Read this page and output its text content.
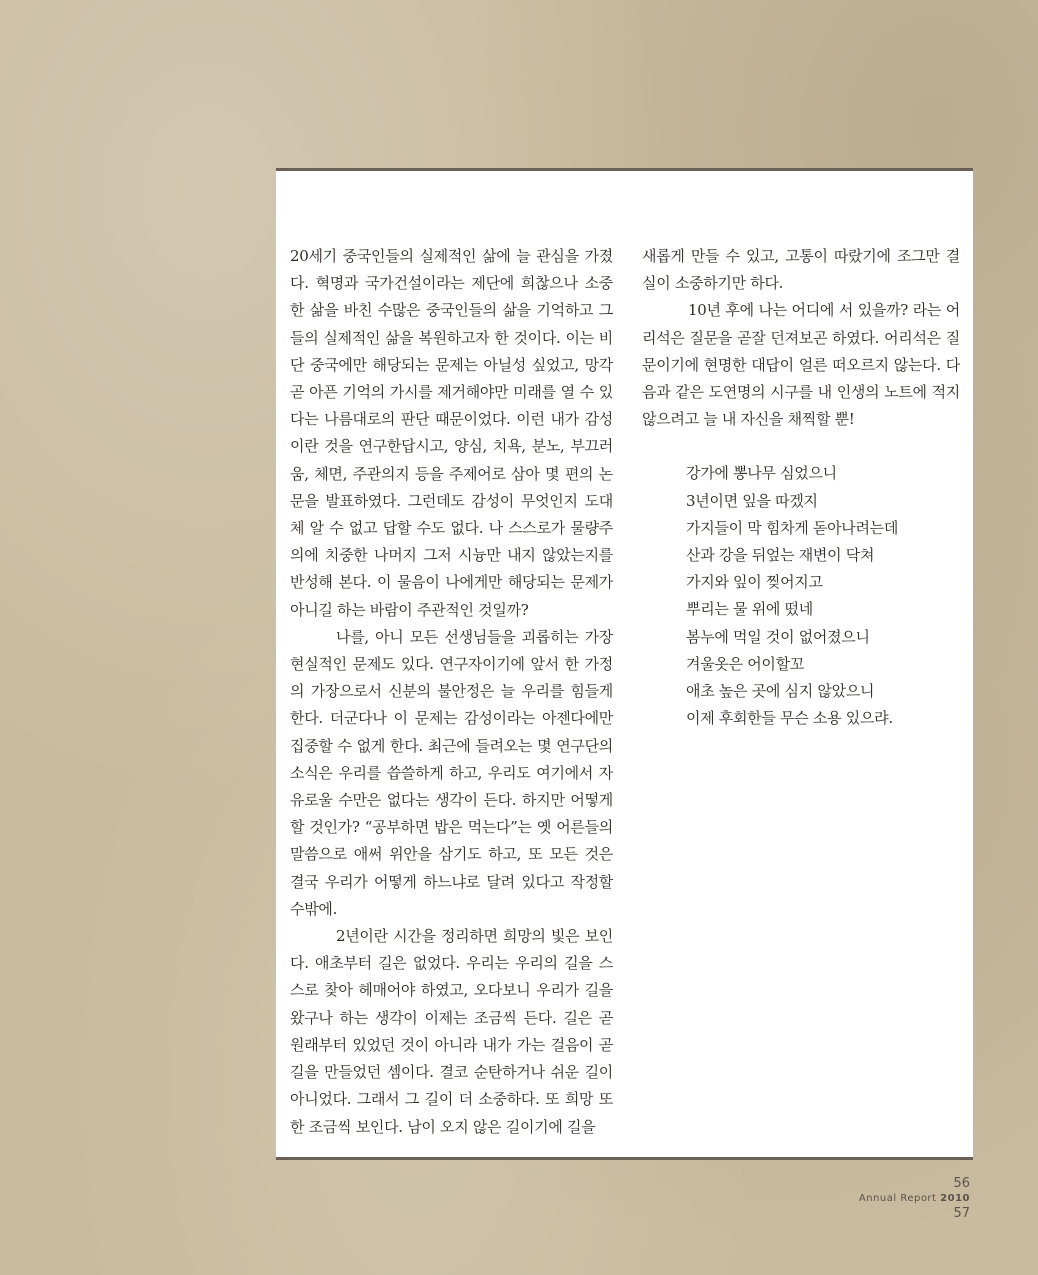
20세기 중국인들의 실제적인 삶에 늘 관심을 가졌다. 혁명과 국가건설이라는 제단에 희찮으나 소중한 삶을 바친 수많은 중국인들의 삶을 기억하고 그들의 실제적인 삶을 복원하고자 한 것이다. 이는 비단 중국에만 해당되는 문제는 아닐성 싶었고, 망각 곧 아픈 기억의 가시를 제거해야만 미래를 열 수 있다는 나름대로의 판단 때문이었다. 이런 내가 감성이란 것을 연구한답시고, 양심, 치욕, 분노, 부끄러움, 체면, 주관의지 등을 주제어로 삼아 몇 편의 논문을 발표하였다. 그런데도 감성이 무엇인지 도대체 알 수 없고 답할 수도 없다. 나 스스로가 물량주의에 치중한 나머지 그저 시늉만 내지 않았는지를 반성해 본다. 이 물음이 나에게만 해당되는 문제가 아니길 하는 바람이 주관적인 것일까?

나를, 아니 모든 선생님들을 괴롭히는 가장 현실적인 문제도 있다. 연구자이기에 앞서 한 가정의 가장으로서 신분의 불안정은 늘 우리를 힘들게 한다. 더군다나 이 문제는 감성이라는 아젠다에만 집중할 수 없게 한다. 최근에 들려오는 몇 연구단의 소식은 우리를 씁쓸하게 하고, 우리도 여기에서 자유로울 수만은 없다는 생각이 든다. 하지만 어떻게 할 것인가? “공부하면 밥은 먹는다”는 옛 어른들의 말씀으로 애써 위안을 삼기도 하고, 또 모든 것은 결국 우리가 어떻게 하느냐로 달려 있다고 작정할 수밖에.

2년이란 시간을 정리하면 희망의 빛은 보인다. 애초부터 길은 없었다. 우리는 우리의 길을 스스로 찾아 헤매어야 하였고, 오다보니 우리가 길을 왔구나 하는 생각이 이제는 조금씩 든다. 길은 곧 원래부터 있었던 것이 아니라 내가 가는 걸음이 곧 길을 만들었던 셈이다. 결코 순탄하거나 쉬운 길이 아니었다. 그래서 그 길이 더 소중하다. 또 희망 또한 조금씩 보인다. 남이 오지 않은 길이기에 길을

새롭게 만들 수 있고, 고통이 따랐기에 조그만 결실이 소중하기만 하다.

10년 후에 나는 어디에 서 있을까? 라는 어리석은 질문을 곧잘 던져보곤 하였다. 어리석은 질문이기에 현명한 대답이 얼른 떠오르지 않는다. 다음과 같은 도연명의 시구를 내 인생의 노트에 적지 않으려고 늘 내 자신을 채찍할 뿐!

강가에 뽕나무 심었으니
3년이면 잎을 따겠지
가지들이 막 힘차게 돋아나려는데
산과 강을 뒤엎는 재변이 닥쳐
가지와 잎이 찢어지고
뿌리는 물 위에 떴네
봄누에 먹일 것이 없어졌으니
겨울옷은 어이할꼬
애초 높은 곳에 심지 않았으니
이제 후회한들 무슨 소용 있으랴.
56
Annual Report 2010
57
